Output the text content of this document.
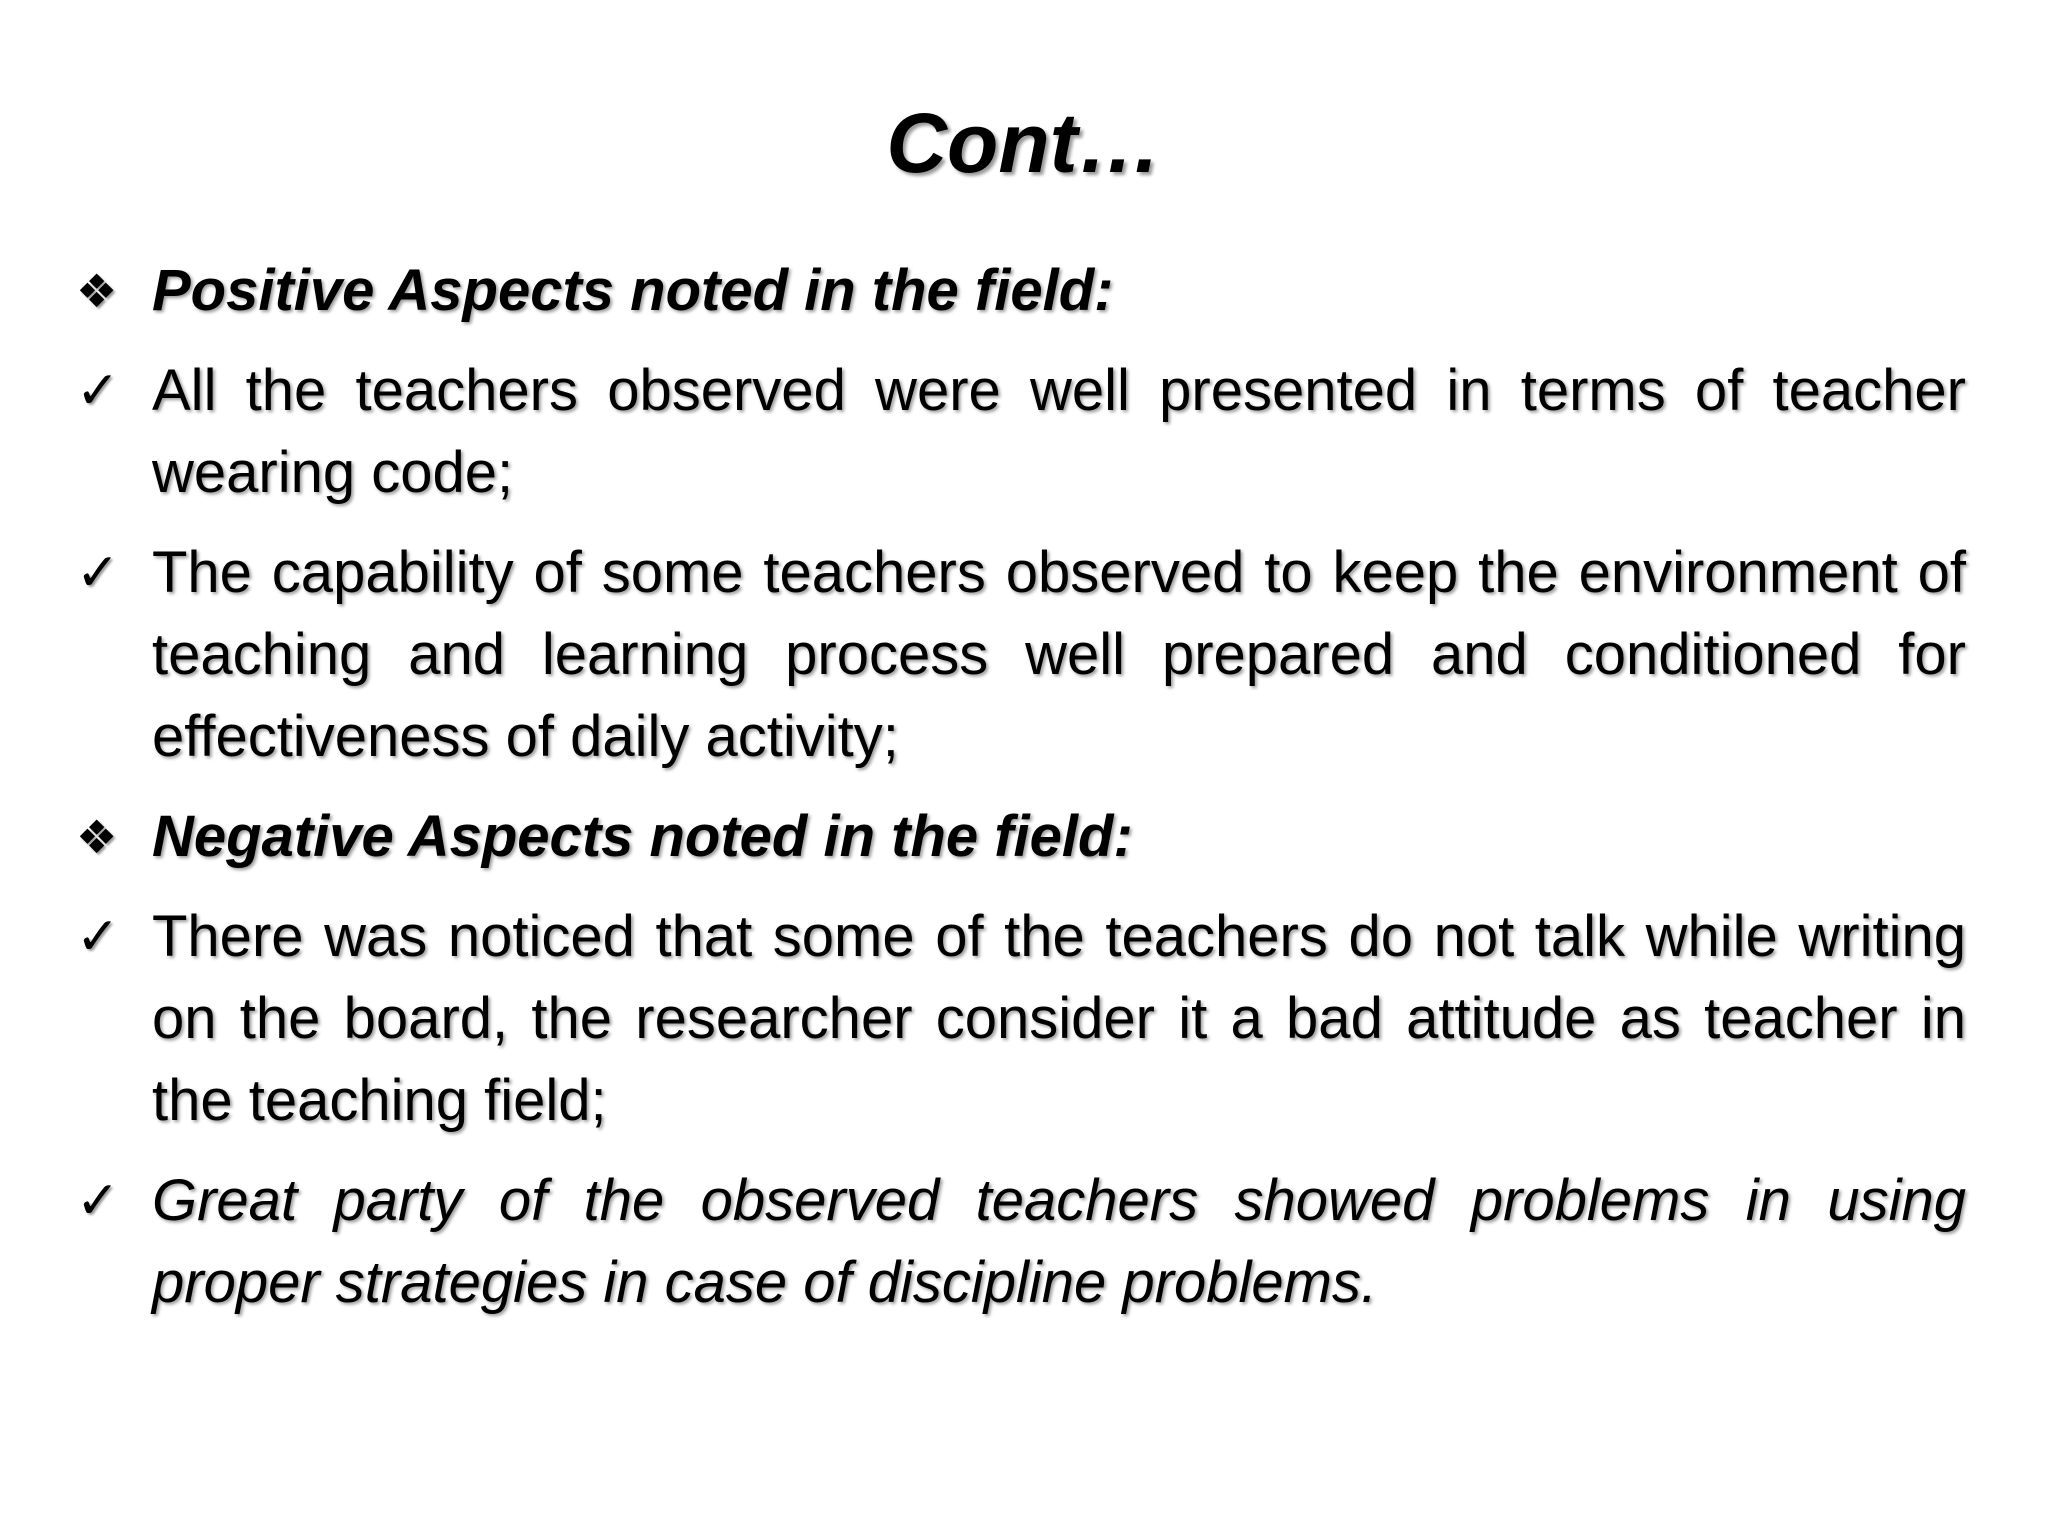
Cont…
❖ Positive Aspects noted in the field:
✓ All the teachers observed were well presented in terms of teacher wearing code;
✓ The capability of some teachers observed to keep the environment of teaching and learning process well prepared and conditioned for effectiveness of daily activity;
❖ Negative Aspects noted in the field:
✓ There was noticed that some of the teachers do not talk while writing on the board, the researcher consider it a bad attitude as teacher in the teaching field;
✓ Great party of the observed teachers showed problems in using proper strategies in case of discipline problems.
